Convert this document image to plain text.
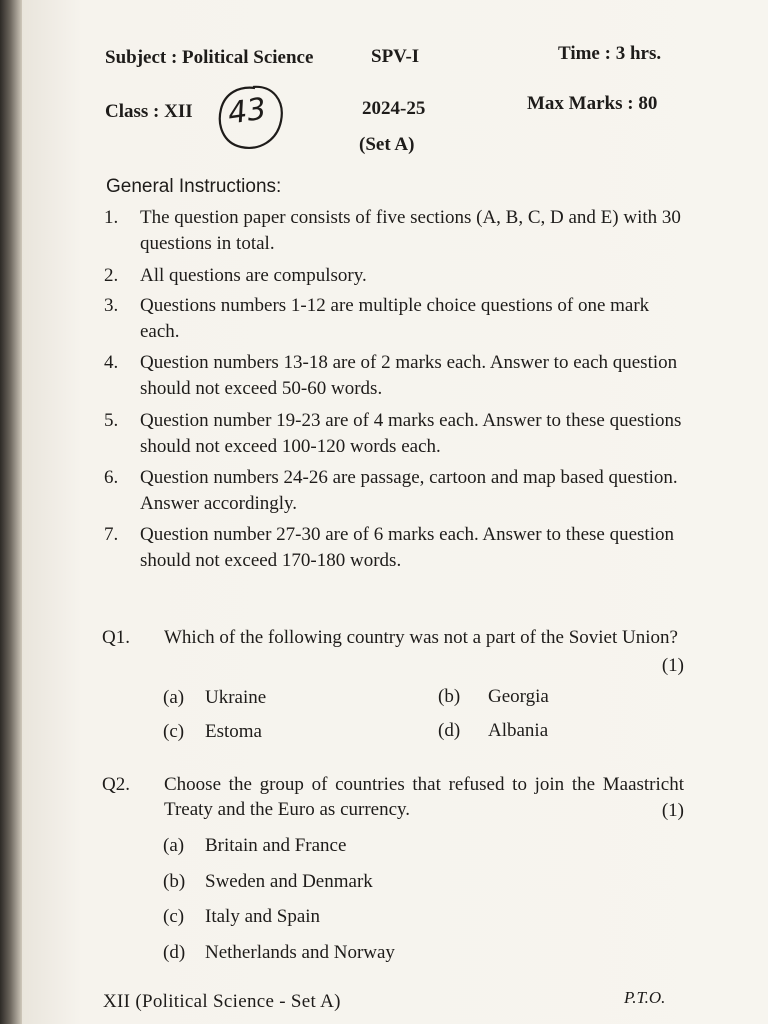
Subject : Political Science	SPV-I	Time : 3 hrs.
Class : XII 43	2024-25
(Set A)
Max Marks : 80
General Instructions:
1.	The question paper consists of five sections (A, B, C, D and E) with 30 questions in total.
2.	All questions are compulsory.
3.	Questions numbers 1-12 are multiple choice questions of one mark each.
4.	Question numbers 13-18 are of 2 marks each. Answer to each question should not exceed 50-60 words.
5.	Question number 19-23 are of 4 marks each. Answer to these questions should not exceed 100-120 words each.
6.	Question numbers 24-26 are passage, cartoon and map based question. Answer accordingly.
7.	Question number 27-30 are of 6 marks each. Answer to these question should not exceed 170-180 words.
Q1. Which of the following country was not a part of the Soviet Union?
(1)
(a) Ukraine	(b) Georgia
(c) Estoma	(d) Albania
Q2. Choose the group of countries that refused to join the Maastricht Treaty and the Euro as currency.	(1)
(a) Britain and France
(b) Sweden and Denmark
(c) Italy and Spain
(d) Netherlands and Norway
XII (Political Science - Set A)	P.T.O.
